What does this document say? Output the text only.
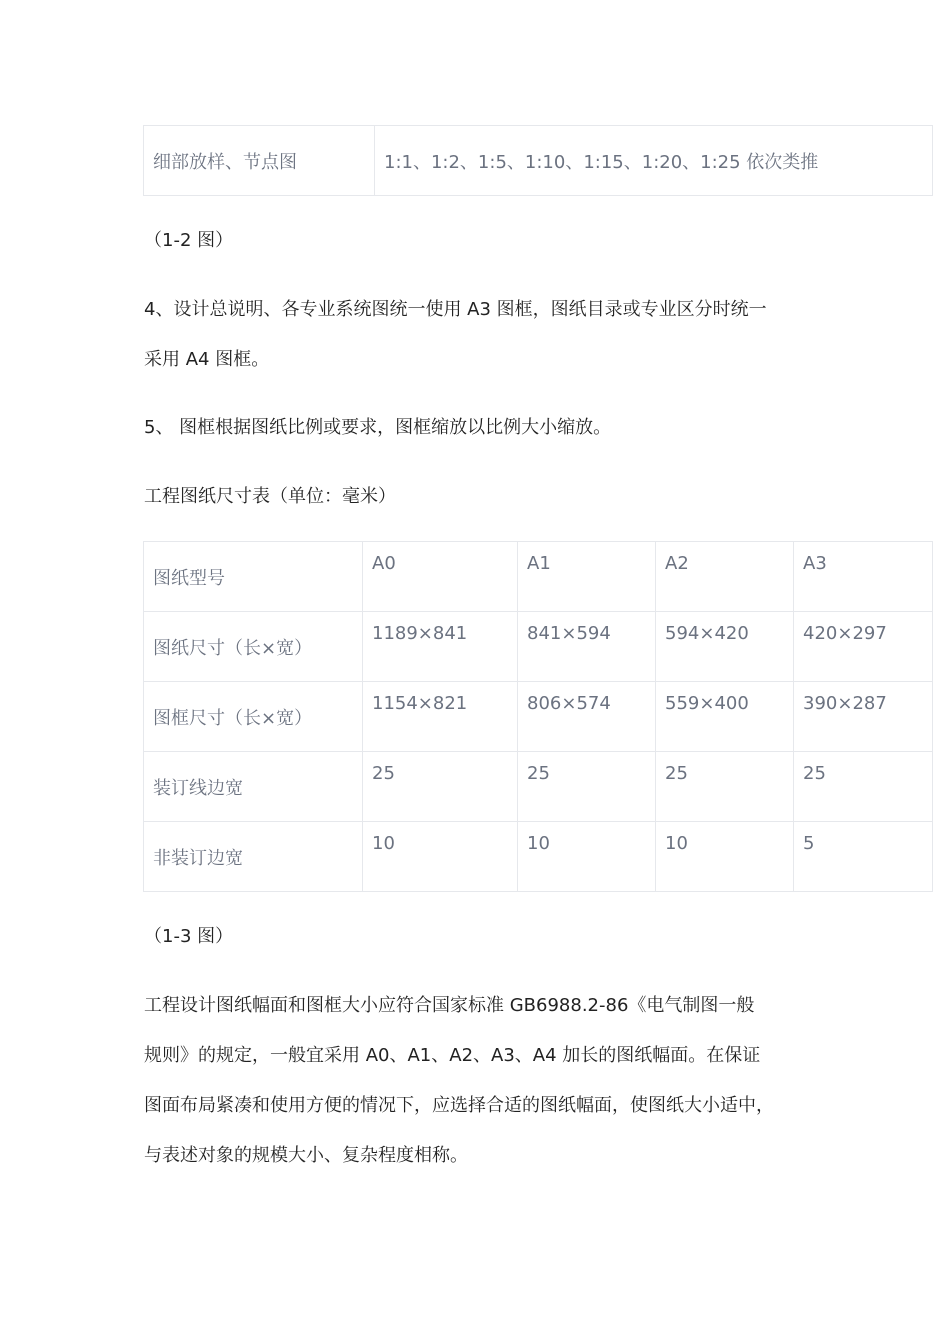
细部放样、节点图	1:1、1:2、1:5、1:10、1:15、1:20、1:25 依次类推

（1-2 图）

4、设计总说明、各专业系统图统一使用 A3 图框，图纸目录或专业区分时统一
采用 A4 图框。

5、 图框根据图纸比例或要求，图框缩放以比例大小缩放。

工程图纸尺寸表（单位：毫米）

图纸型号	A0	A1	A2	A3
图纸尺寸（长×宽）	1189×841	841×594	594×420	420×297
图框尺寸（长×宽）	1154×821	806×574	559×400	390×287
装订线边宽	25	25	25	25
非装订边宽	10	10	10	5

（1-3 图）

工程设计图纸幅面和图框大小应符合国家标准 GB6988.2-86《电气制图一般
规则》的规定，一般宜采用 A0、A1、A2、A3、A4 加长的图纸幅面。在保证
图面布局紧凑和使用方便的情况下，应选择合适的图纸幅面，使图纸大小适中，
与表述对象的规模大小、复杂程度相称。
